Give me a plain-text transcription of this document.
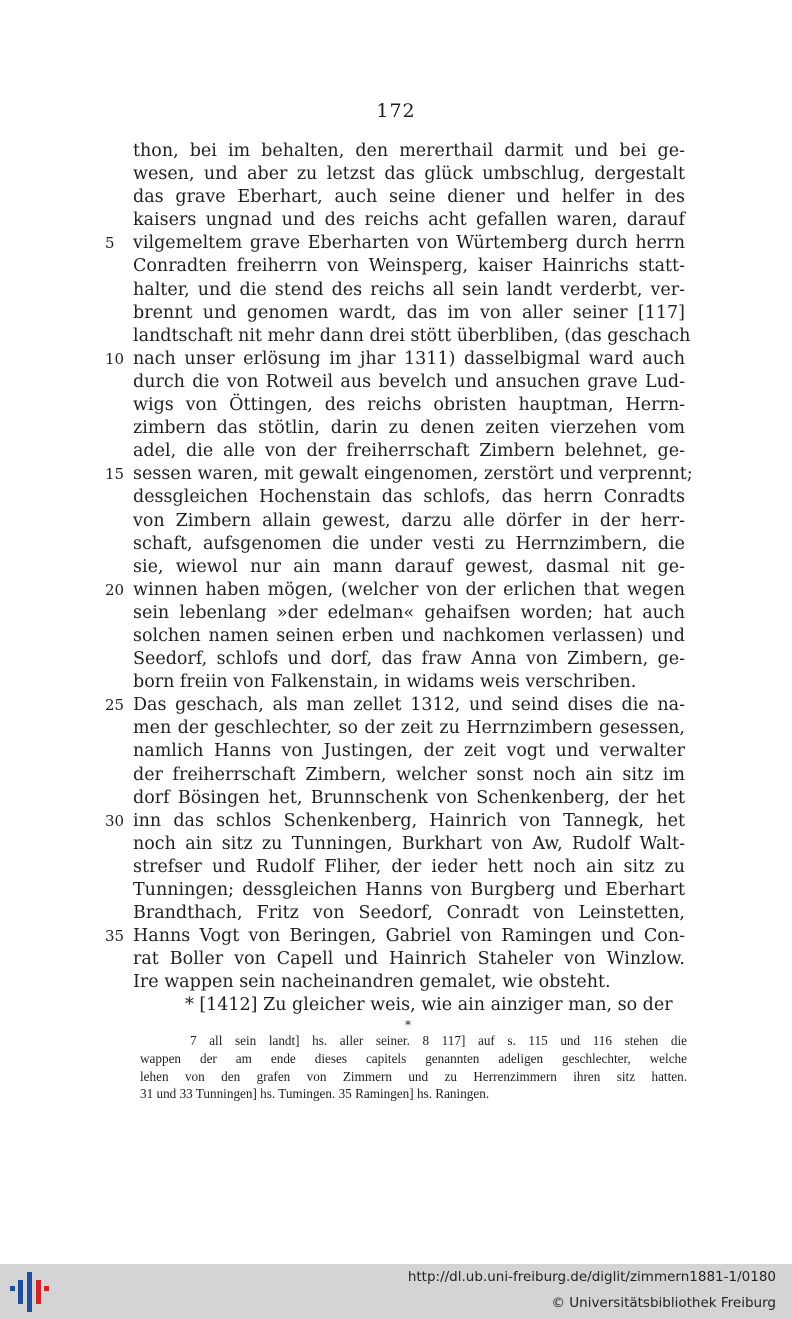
172
thon, bei im behalten, den mererthail darmit und bei ge-
wesen, und aber zu letzst das glück umbschlug, dergestalt
das grave Eberhart, auch seine diener und helfer in des
kaisers ungnad und des reichs acht gefallen waren, darauf
5	vilgemeltem grave Eberharten von Würtemberg durch herrn
Conradten freiherrn von Weinsperg, kaiser Hainrichs statt-
halter, und die stend des reichs all sein landt verderbt, ver-
brennt und genomen wardt, das im von aller seiner [117]
landtschaft nit mehr dann drei stött überbliben, (das geschach
10 nach unser erlösung im jhar 1311) dasselbigmal ward auch
durch die von Rotweil aus bevelch und ansuchen grave Lud-
wigs von Öttingen, des reichs obristen hauptman, Herrn-
zimbern das stötlin, darin zu denen zeiten vierzehen vom
adel, die alle von der freiherrschaft Zimbern belehnet, ge-
15 sessen waren, mit gewalt eingenomen, zerstört und verprennt;
dessgleichen Hochenstain das schlofs, das herrn Conradts
von Zimbern allain gewest, darzu alle dörfer in der herr-
schaft, aufsgenomen die under vesti zu Herrnzimbern, die
sie, wiewol nur ain mann darauf gewest, dasmal nit ge-
20 winnen haben mögen, (welcher von der erlichen that wegen
sein lebenlang »der edelman« gehaifsen worden; hat auch
solchen namen seinen erben und nachkomen verlassen) und
Seedorf, schlofs und dorf, das fraw Anna von Zimbern, ge-
born freiin von Falkenstain, in widams weis verschriben.
25 Das geschach, als man zellet 1312, und seind dises die na-
men der geschlechter, so der zeit zu Herrnzimbern gesessen,
namlich Hanns von Justingen, der zeit vogt und verwalter
der freiherrschaft Zimbern, welcher sonst noch ain sitz im
dorf Bösingen het, Brunnschenk von Schenkenberg, der het
30 inn das schlos Schenkenberg, Hainrich von Tannegk, het
noch ain sitz zu Tunningen, Burkhart von Aw, Rudolf Walt-
strefser und Rudolf Fliher, der ieder hett noch ain sitz zu
Tunningen; dessgleichen Hanns von Burgberg und Eberhart
Brandthach, Fritz von Seedorf, Conradt von Leinstetten,
35 Hanns Vogt von Beringen, Gabriel von Ramingen und Con-
rat Boller von Capell und Hainrich Staheler von Winzlow.
Ire wappen sein nacheinandren gemalet, wie obsteht.
* [1412] Zu gleicher weis, wie ain ainziger man, so der
*
7 all sein landt] hs. aller seiner. 8 117] auf s. 115 und 116 stehen die
wappen der am ende dieses capitels genannten adeligen geschlechter, welche
lehen von den grafen von Zimmern und zu Herrenzimmern ihren sitz hatten.
31 und 33 Tunningen] hs. Tumingen. 35 Ramingen] hs. Raningen.
http://dl.ub.uni-freiburg.de/diglit/zimmern1881-1/0180
© Universitätsbibliothek Freiburg
